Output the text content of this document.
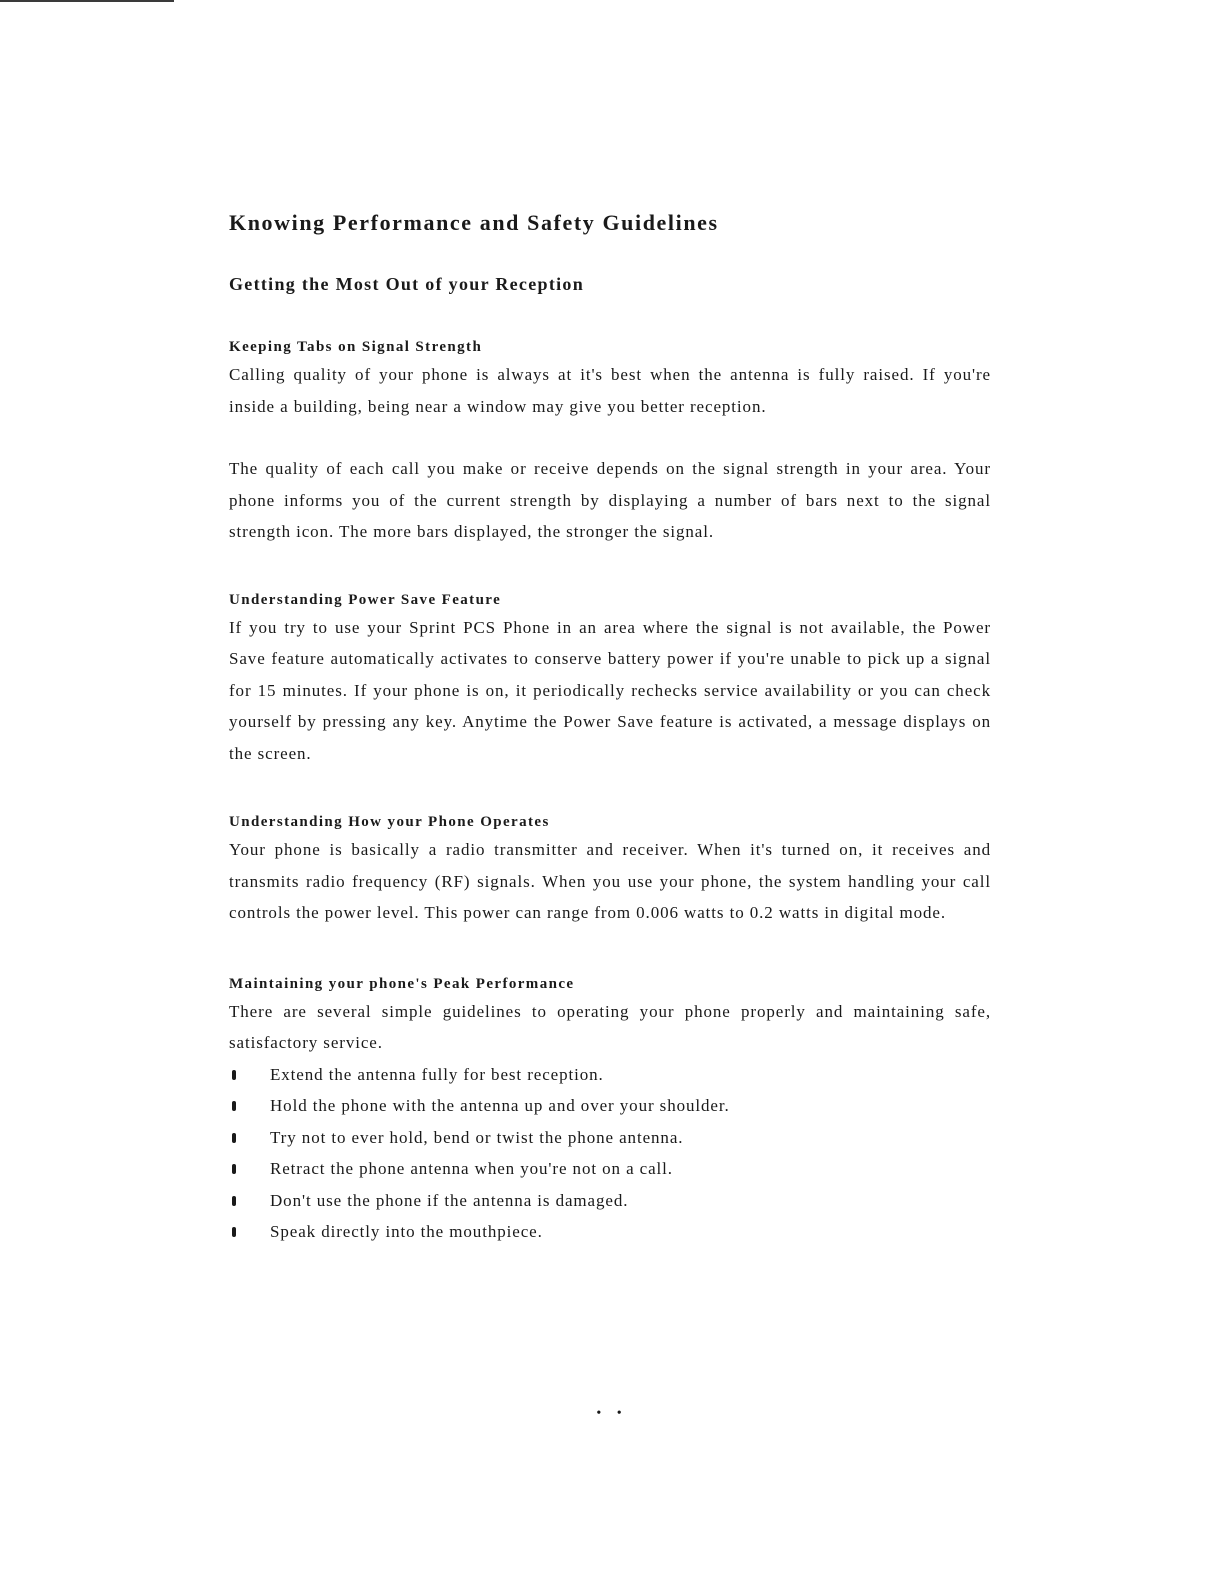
Knowing Performance and Safety Guidelines
Getting the Most Out of your Reception
Keeping Tabs on Signal Strength

Calling quality of your phone is always at it's best when the antenna is fully raised. If you're inside a building, being near a window may give you better reception.

The quality of each call you make or receive depends on the signal strength in your area. Your phone informs you of the current strength by displaying a number of bars next to the signal strength icon. The more bars displayed, the stronger the signal.

Understanding Power Save Feature

If you try to use your Sprint PCS Phone in an area where the signal is not available, the Power Save feature automatically activates to conserve battery power if you're unable to pick up a signal for 15 minutes. If your phone is on, it periodically rechecks service availability or you can check yourself by pressing any key. Anytime the Power Save feature is activated, a message displays on the screen.

Understanding How your Phone Operates

Your phone is basically a radio transmitter and receiver. When it's turned on, it receives and transmits radio frequency (RF) signals. When you use your phone, the system handling your call controls the power level. This power can range from 0.006 watts to 0.2 watts in digital mode.

Maintaining your phone's Peak Performance

There are several simple guidelines to operating your phone properly and maintaining safe, satisfactory service.

Extend the antenna fully for best reception.
Hold the phone with the antenna up and over your shoulder.
Try not to ever hold, bend or twist the phone antenna.
Retract the phone antenna when you're not on a call.
Don't use the phone if the antenna is damaged.
Speak directly into the mouthpiece.
• •
